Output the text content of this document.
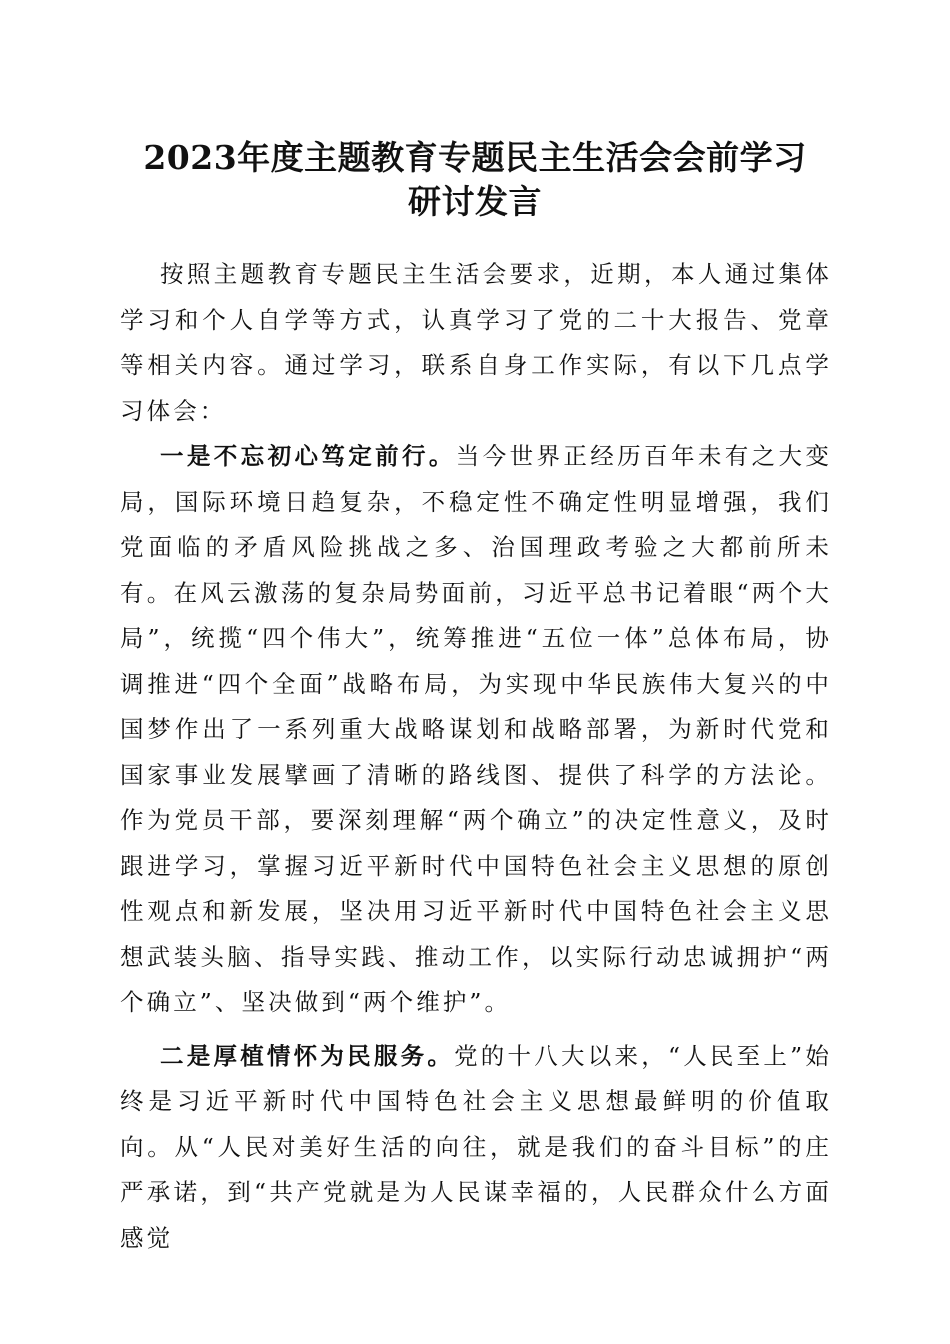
2023年度主题教育专题民主生活会会前学习
研讨发言

按照主题教育专题民主生活会要求，近期，本人通过集体学习和个人自学等方式，认真学习了党的二十大报告、党章等相关内容。通过学习，联系自身工作实际，有以下几点学习体会：

一是不忘初心笃定前行。当今世界正经历百年未有之大变局，国际环境日趋复杂，不稳定性不确定性明显增强，我们党面临的矛盾风险挑战之多、治国理政考验之大都前所未有。在风云激荡的复杂局势面前，习近平总书记着眼“两个大局”，统揽“四个伟大”，统筹推进“五位一体”总体布局，协调推进“四个全面”战略布局，为实现中华民族伟大复兴的中国梦作出了一系列重大战略谋划和战略部署，为新时代党和国家事业发展擘画了清晰的路线图、提供了科学的方法论。作为党员干部，要深刻理解“两个确立”的决定性意义，及时跟进学习，掌握习近平新时代中国特色社会主义思想的原创性观点和新发展，坚决用习近平新时代中国特色社会主义思想武装头脑、指导实践、推动工作，以实际行动忠诚拥护“两个确立”、坚决做到“两个维护”。

二是厚植情怀为民服务。党的十八大以来，“人民至上”始终是习近平新时代中国特色社会主义思想最鲜明的价值取向。从“人民对美好生活的向往，就是我们的奋斗目标”的庄严承诺，到“共产党就是为人民谋幸福的，人民群众什么方面感觉
